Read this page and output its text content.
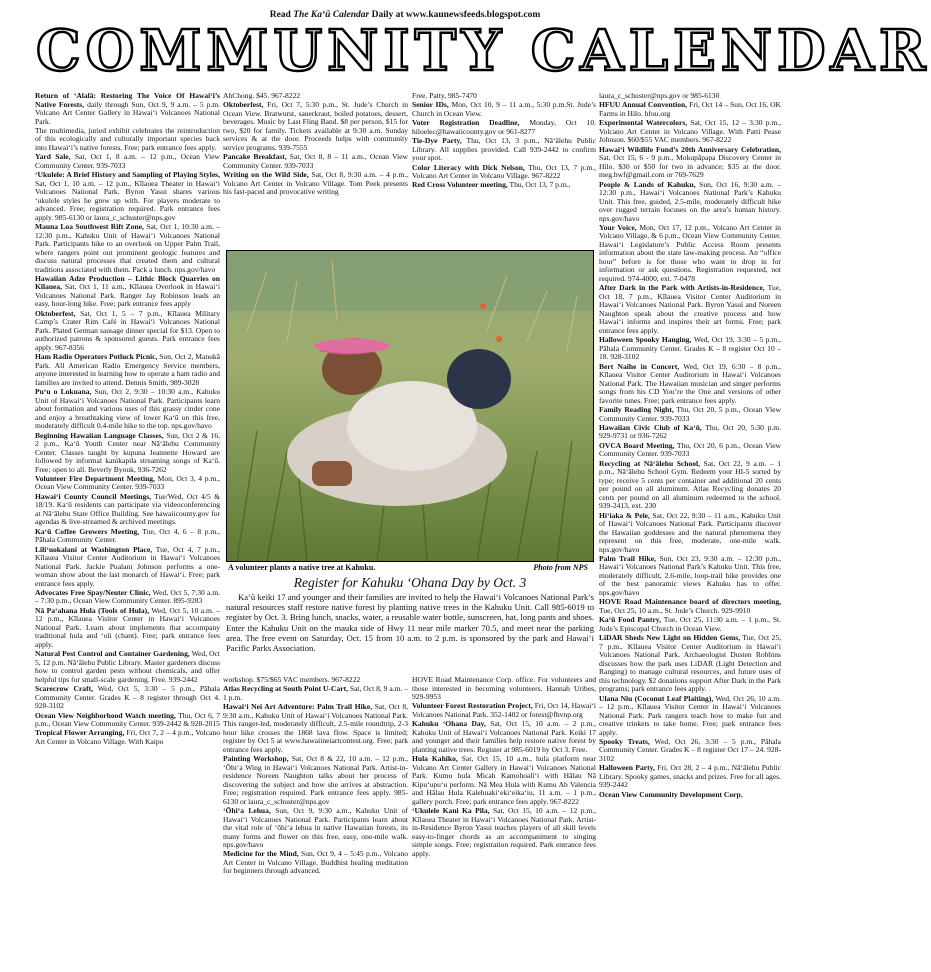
Read The Ka‘ū Calendar Daily at www.kaunewsfeeds.blogspot.com
COMMUNITY CALENDAR

Return of ‘Alalā: Restoring The Voice Of Hawai‘i’s Native Forests, daily through Sun, Oct 9, 9 a.m. – 5 p.m. Volcano Art Center Gallery in Hawai‘i Volcanoes National Park.

The multimedia, juried exhibit celebrates the reintroduction of this ecologically and culturally important species back into Hawai‘i’s native forests. Free; park entrance fees apply.

Yard Sale, Sat, Oct 1, 8 a.m. – 12 p.m., Ocean View Community Center. 939-7033

‘Ukulele: A Brief History and Sampling of Playing Styles, Sat, Oct 1, 10 a.m. – 12 p.m., Kīlauea Theater in Hawai‘i Volcanoes National Park. Byron Yasui shares various ‘ukulele styles he grew up with. For players moderate to advanced. Free; registration required. Park entrance fees apply. 985-6130 or laura_c_schuster@nps.gov

Mauna Loa Southwest Rift Zone, Sat, Oct 1, 10:30 a.m. – 12:30 p.m., Kahuku Unit of Hawai‘i Volcanoes National Park. Participants hike to an overlook on Upper Palm Trail, where rangers point out prominent geologic features and discuss natural processes that created them and cultural traditions associated with them. Pack a lunch. nps.gov/havo

Hawaiian Adze Production – Lithic Block Quarries on Kīlauea, Sat, Oct 1, 11 a.m., Kīlauea Overlook in Hawai‘i Volcanoes National Park. Ranger Jay Robinson leads an easy, hour-long hike. Free; park entrance fees apply

Oktoberfest, Sat, Oct 1, 5 – 7 p.m., Kīlauea Military Camp’s Crater Rim Café in Hawai‘i Volcanoes National Park. Plated German sausage dinner special for $13. Open to authorized patrons & sponsored guests. Park entrance fees apply. 967-8356

Ham Radio Operators Potluck Picnic, Sun, Oct 2, Manukā Park. All American Radio Emergency Service members, anyone interested in learning how to operate a ham radio and families are invited to attend. Dennis Smith, 989-3028

Pu‘u o Lokuana, Sun, Oct 2, 9:30 – 10:30 a.m., Kahuku Unit of Hawai‘i Volcanoes National Park. Participants learn about formation and various uses of this grassy cinder cone and enjoy a breathtaking view of lower Ka‘ū on this free, moderately difficult 0.4-mile hike to the top. nps.gov/havo

Beginning Hawaiian Language Classes, Sun, Oct 2 & 16, 2 p.m., Ka‘ū Youth Center near Nā‘ālehu Community Center. Classes taught by kupuna Jeannette Howard are followed by informal kanikapila streaming songs of Ka‘ū. Free; open to all. Beverly Byouk, 936-7262

Volunteer Fire Department Meeting, Mon, Oct 3, 4 p.m., Ocean View Community Center. 939-7033

Hawai‘i County Council Meetings, Tue/Wed, Oct 4/5 & 18/19. Ka‘ū residents can participate via videoconferencing at Nā‘ālehu State Office Building. See hawaiicounty.gov for agendas & live-streamed & archived meetings.

Ka‘ū Coffee Growers Meeting, Tue, Oct 4, 6 – 8 p.m., Pāhala Community Center.

Lili‘uokalani at Washington Place, Tue, Oct 4, 7 p.m., Kīlauea Visitor Center Auditorium in Hawai‘i Volcanoes National Park. Jackie Pualani Johnson performs a one-woman show about the last monarch of Hawai‘i. Free; park entrance fees apply.

Advocates Free Spay/Neuter Clinic, Wed, Oct 5, 7:30 a.m. – 7:30 p.m., Ocean View Community Center. 895-9283

Nā Pa‘ahana Hula (Tools of Hula), Wed, Oct 5, 10 a.m. – 12 p.m., Kīlauea Visitor Center in Hawai‘i Volcanoes National Park. Learn about implements that accompany traditional hula and ‘oli (chant). Free; park entrance fees apply.

Natural Pest Control and Container Gardening, Wed, Oct 5, 12 p.m. Nā‘ālehu Public Library. Master gardeners discuss how to control garden pests without chemicals, and offer helpful tips for small-scale gardening. Free. 939-2442

Scarecrow Craft, Wed, Oct 5, 3:30 – 5 p.m., Pāhala Community Center. Grades K – 8 register through Oct 4. 928-3102

Ocean View Neighborhood Watch meeting, Thu, Oct 6, 7 p.m., Ocean View Community Center. 939-2442 & 928-2015

Tropical Flower Arranging, Fri, Oct 7, 2 – 4 p.m., Volcano Art Center in Volcano Village. With Kaipo

AhChong. $45. 967-8222

Oktoberfest, Fri, Oct 7, 5:30 p.m., St. Jude’s Church in Ocean View. Bratwurst, sauerkraut, boiled potatoes, dessert, beverages. Music by Last Fling Band. $8 per person, $15 for two, $20 for family. Tickets available at 9:30 a.m. Sunday services & at the door. Proceeds helps with community service programs. 939-7555

Pancake Breakfast, Sat, Oct 8, 8 – 11 a.m., Ocean View Community Center. 939-7033

Writing on the Wild Side, Sat, Oct 8, 9:30 a.m. – 4 p.m., Volcano Art Center in Volcano Village. Tom Peek presents his fast-paced and provocative writing

Free. Patty, 985-7470

Senior IDs, Mon, Oct 10, 9 – 11 a.m., 5:30 p.m.St. Jude’s Church in Ocean View.

Voter Registration Deadline, Monday, Oct 10. hiloelec@hawaiicounty.gov or 961-8277

Tie-Dye Party, Thu, Oct 13, 3 p.m., Nā‘ālehu Public Library. All supplies provided. Call 939-2442 to confirm your spot.

Color Literacy with Dick Nelson, Thu, Oct 13, 7 p.m., Volcano Art Center in Volcano Village. 967-8222

Red Cross Volunteer meeting, Thu, Oct 13, 7 p.m.,

laura_c_schuster@nps.gov or 985-6130

HFUU Annual Convention, Fri, Oct 14 – Sun, Oct 16, OK Farms in Hilo. hfuu.org

Experimental Watercolors, Sat, Oct 15, 12 – 3:30 p.m., Volcano Art Center in Volcano Village. With Patti Pease Johnson. $60/$55 VAC members. 967-8222

Hawai‘i Wildlife Fund’s 20th Anniversary Celebration, Sat, Oct 15, 6 - 9 p.m., Mokupāpapa Discovery Center in Hilo. $30 or $50 for two in advance; $35 at the door. meg.hwf@gmail.com or 769-7629

People & Lands of Kahuku, Sun, Oct 16, 9:30 a.m. – 12:30 p.m., Hawai‘i Volcanoes National Park’s Kahuku Unit. This free, guided, 2.5-mile, moderately difficult hike over rugged terrain focuses on the area’s human history. nps.gov/havo

Your Voice, Mon, Oct 17, 12 p.m., Volcano Art Center in Volcano Village, & 6 p.m., Ocean View Community Center. Hawai‘i Legislature’s Public Access Room presents information about the state law-making process. An “office hour” before is for those who want to drop in for information or ask questions. Registration requested, not required. 974-4000, ext. 7-0478

After Dark in the Park with Artists-in-Residence, Tue, Oct 18, 7 p.m., Kīlauea Visitor Center Auditorium in Hawai‘i Volcanoes National Park. Byron Yasui and Noreen Naughton speak about the creative process and how Hawai‘i informs and inspires their art forms. Free; park entrance fees apply.

Halloween Spooky Hanging, Wed, Oct 19, 3:30 – 5 p.m., Pāhala Community Center. Grades K – 8 register Oct 10 – 18. 928-3102

Bert Naihe in Concert, Wed, Oct 19, 6:30 – 8 p.m., Kīlauea Visitor Center Auditorium in Hawai‘i Volcanoes National Park. The Hawaiian musician and singer performs songs from his CD You’re the One and versions of other favorite tunes. Free; park entrance fees apply.

Family Reading Night, Thu, Oct 20, 5 p.m., Ocean View Community Center. 939-7033

Hawaiian Civic Club of Ka‘ū, Thu, Oct 20, 5:30 p.m. 929-9731 or 936-7262

OVCA Board Meeting, Thu, Oct 20, 6 p.m., Ocean View Community Center. 939-7033

Recycling at Nā‘ālehu School, Sat, Oct 22, 9 a.m. – 1 p.m., Nā‘ālehu School Gym. Redeem your HI-5 sorted by type; receive 5 cents per container and additional 20 cents per pound on all aluminum. Atlas Recycling donates 20 cents per pound on all aluminum redeemed to the school. 939-2413, ext. 230

Hi‘iaka & Pele, Sat, Oct 22, 9:30 – 11 a.m., Kahuku Unit of Hawai‘i Volcanoes National Park. Participants discover the Hawaiian goddesses and the natural phenomena they represent on this free, moderate, one-mile walk. nps.gov/havo

Palm Trail Hike, Sun, Oct 23, 9:30 a.m. – 12:30 p.m., Hawai‘i Volcanoes National Park’s Kahuku Unit. This free, moderately difficult, 2.6-mile, loop-trail hike provides one of the best panoramic views Kahuku has to offer. nps.gov/havo

HOVE Road Maintenance board of directors meeting, Tue, Oct 25, 10 a.m., St. Jude’s Church. 929-9910

Ka‘ū Food Pantry, Tue, Oct 25, 11:30 a.m. – 1 p.m., St. Jude’s Episcopal Church in Ocean View.

LiDAR Sheds New Light on Hidden Gems, Tue, Oct 25, 7 p.m., Kīlauea Visitor Center Auditorium in Hawai‘i Volcanoes National Park. Archaeologist Dusten Robbins discusses how the park uses LiDAR (Light Detection and Ranging) to manage cultural resources, and future uses of this technology. $2 donations support After Dark in the Park programs; park entrance fees apply.

Ulana Niu (Coconut Leaf Plaiting), Wed, Oct 26, 10 a.m. – 12 p.m., Kīlauea Visitor Center in Hawai‘i Volcanoes National Park. Park rangers teach how to make fun and creative trinkets to take home. Free; park entrance fees apply.

Spooky Treats, Wed, Oct 26, 3:30 – 5 p.m., Pāhala Community Center. Grades K – 8 register Oct 17 – 24. 928-3102

Halloween Party, Fri, Oct 28, 2 – 4 p.m., Nā‘ālehu Public Library. Spooky games, snacks and prizes. Free for all ages. 939-2442

Ocean View Community Development Corp.

A volunteer plants a native tree at Kahuku.	Photo from NPS
Register for Kahuku ‘Ohana Day by Oct. 3
Ka‘ū keiki 17 and younger and their families are invited to help the Hawai‘i Volcanoes National Park’s natural resources staff restore native forest by planting native trees in the Kahuku Unit. Call 985-6019 to register by Oct. 3. Bring lunch, snacks, water, a reusable water bottle, sunscreen, hat, long pants and shoes. Enter the Kahuku Unit on the mauka side of Hwy 11 near mile marker 70.5, and meet near the parking area. The free event on Saturday, Oct. 15 from 10 a.m. to 2 p.m. is sponsored by the park and Hawai‘i Pacific Parks Association.

workshop. $75/$65 VAC members. 967-8222

Atlas Recycling at South Point U-Cart, Sat, Oct 8, 9 a.m. – 1 p.m.

Hawai‘i Nei Art Adventure: Palm Trail Hike, Sat, Oct 8, 9:30 a.m., Kahuku Unit of Hawai‘i Volcanoes National Park. This ranger-led, moderately difficult, 2.5-mile roundtrip, 2-3 hour hike crosses the 1868 lava flow. Space is limited; register by Oct 5 at www.hawaiineiartcontest.org. Free; park entrance fees apply.

Painting Workshop, Sat, Oct 8 & 22, 10 a.m. – 12 p.m., ‘Ōhi‘a Wing in Hawai‘i Volcanoes National Park. Artist-in-residence Noreen Naughton talks about her process of discovering the subject and how she arrives at abstraction. Free; registration required. Park entrance fees apply. 985-6130 or laura_c_schuster@nps.gov

‘Ōhi‘a Lehua, Sun, Oct 9, 9:30 a.m., Kahuku Unit of Hawai‘i Volcanoes National Park. Participants learn about the vital role of ‘ōhi‘a lehua in native Hawaiian forests, its many forms and flower on this free, easy, one-mile walk. nps.gov/havo

Medicine for the Mind, Sun, Oct 9, 4 – 5:45 p.m., Volcano Art Center in Volcano Village. Buddhist healing meditation for beginners through advanced.

HOVE Road Maintenance Corp. office. For volunteers and those interested in becoming volunteers. Hannah Uribes, 929-9953

Volunteer Forest Restoration Project, Fri, Oct 14, Hawai‘i Volcanoes National Park. 352-1402 or forest@fhvnp.org

Kahuku ‘Ohana Day, Sat, Oct 15, 10 a.m. – 2 p.m., Kahuku Unit of Hawai‘i Volcanoes National Park. Keiki 17 and younger and their families help restore native forest by planting native trees. Register at 985-6019 by Oct 3. Free.

Hula Kahiko, Sat, Oct 15, 10 a.m., hula platform near Volcano Art Center Gallery in Hawai‘i Volcanoes National Park. Kumu hula Micah Kamohoali‘i with Hālau Nā Kipu‘upu‘u perform. Nā Mea Hula with Kumu Ab Valencia and Hālau Hula Kalehuaki‘eki‘eika‘iu, 11 a.m. – 1 p.m., gallery porch. Free; park entrance fees apply. 967-8222

‘Ukulele Kani Ka Pila, Sat, Oct 15, 10 a.m. – 12 p.m., Kīlauea Theater in Hawai‘i Volcanoes National Park. Artist-in-Residence Byron Yasui teaches players of all skill levels easy-to-finger chords as an accompaniment to singing simple songs. Free; registration required. Park entrance fees apply.
